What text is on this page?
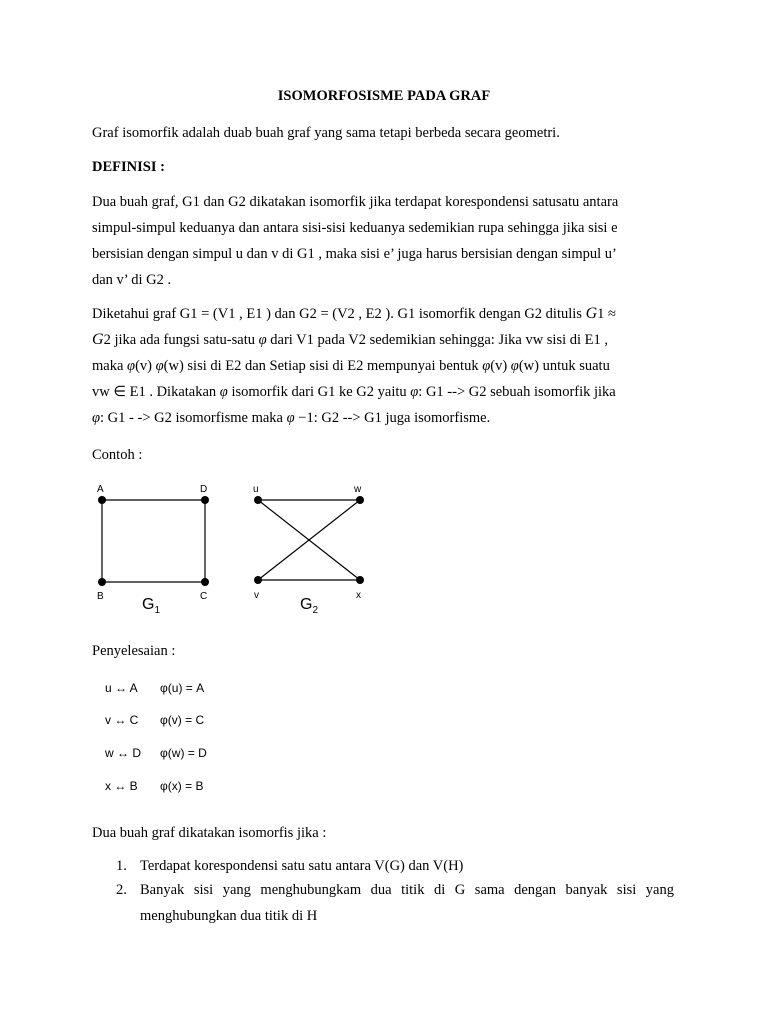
ISOMORFOSISME PADA GRAF

Graf isomorfik adalah duab buah graf yang sama tetapi berbeda secara geometri.

DEFINISI :

Dua buah graf, G1 dan G2 dikatakan isomorfik jika terdapat korespondensi satusatu antara

simpul-simpul keduanya dan antara sisi-sisi keduanya sedemikian rupa sehingga jika sisi e

bersisian dengan simpul u dan v di G1 , maka sisi e’ juga harus bersisian dengan simpul u’

dan v’ di G2 .

Diketahui graf G1 = (V1 , E1 ) dan G2 = (V2 , E2 ). G1 isomorfik dengan G2 ditulis G1 ≈

G2 jika ada fungsi satu-satu φ dari V1 pada V2 sedemikian sehingga: Jika vw sisi di E1 ,

maka φ(v) φ(w) sisi di E2 dan Setiap sisi di E2 mempunyai bentuk φ(v) φ(w) untuk suatu

vw ∈ E1 . Dikatakan φ isomorfik dari G1 ke G2 yaitu φ: G1 --> G2 sebuah isomorfik jika

φ: G1 - -> G2 isomorfisme maka φ −1: G2 --> G1 juga isomorfisme.

Contoh :

A	D
B	C
$G_1$
u	w
v	x
$G_2$

Penyelesaian :

u ↔ A φ(u) = A
v ↔ C φ(v) = C
w ↔ D φ(w) = D
x ↔ B φ(x) = B

Dua buah graf dikatakan isomorfis jika :

1. Terdapat korespondensi satu satu antara V(G) dan V(H)
2. Banyak sisi yang menghubungkam dua titik di G sama dengan banyak sisi yang
menghubungkan dua titik di H
